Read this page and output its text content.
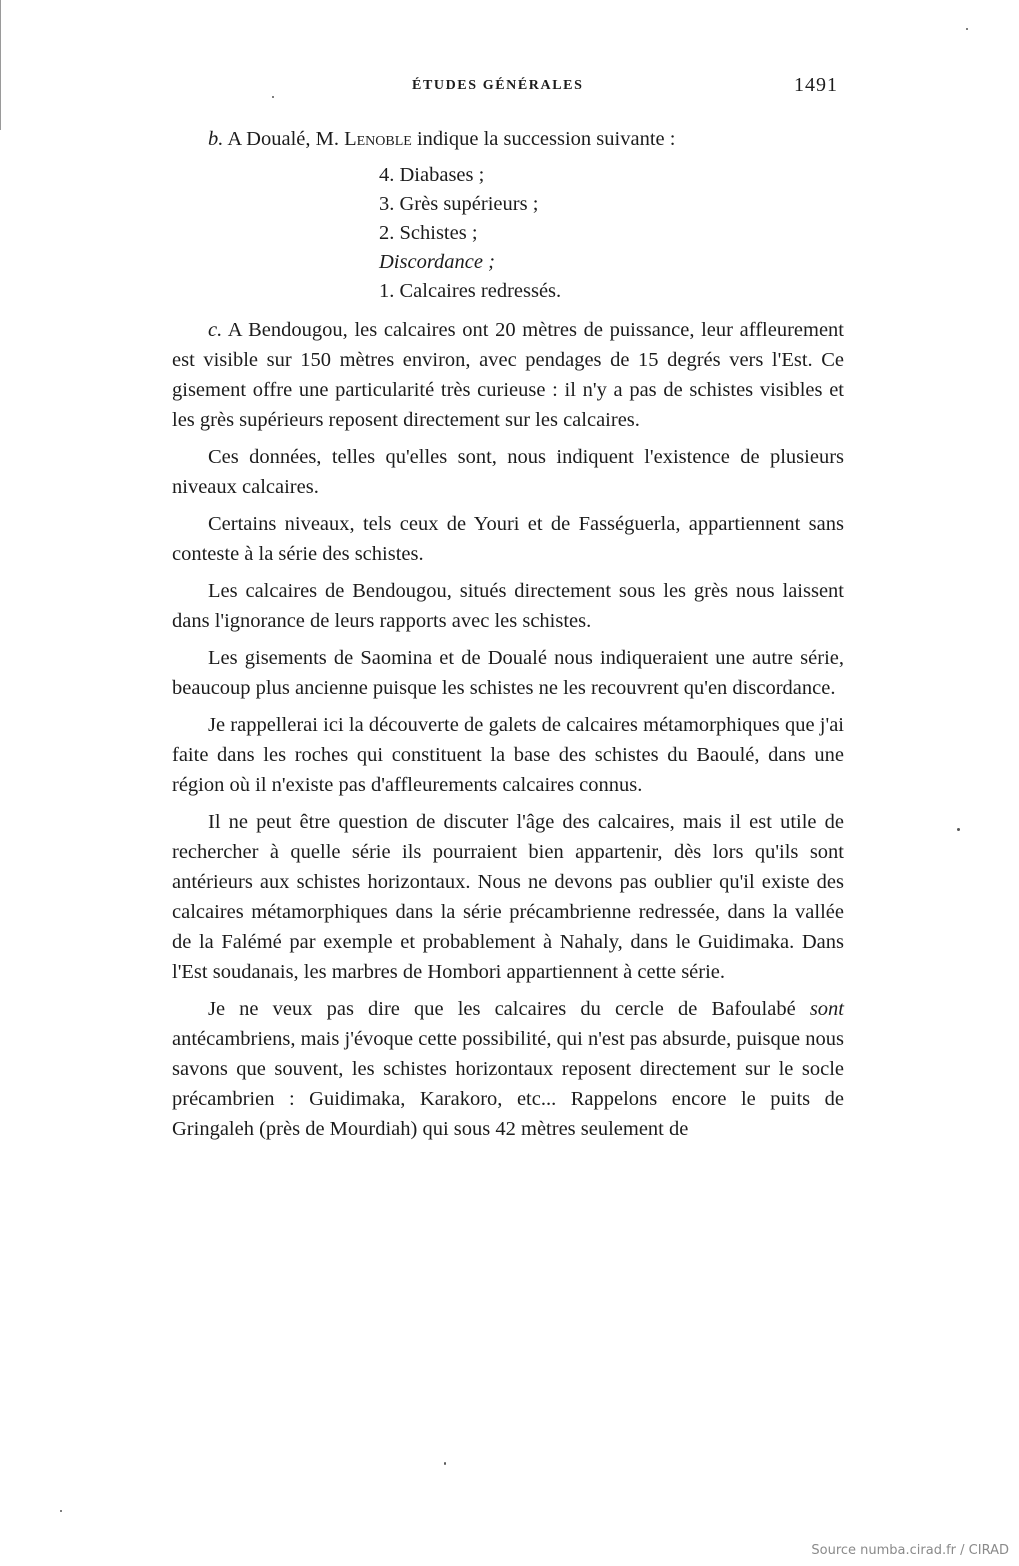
ÉTUDES GÉNÉRALES	1491

b. A Doualé, M. Lenoble indique la succession suivante :

4. Diabases ;
3. Grès supérieurs ;
2. Schistes ;
Discordance ;
1. Calcaires redressés.

c. A Bendougou, les calcaires ont 20 mètres de puissance, leur affleurement est visible sur 150 mètres environ, avec pendages de 15 degrés vers l'Est. Ce gisement offre une particularité très curieuse : il n'y a pas de schistes visibles et les grès supérieurs reposent directement sur les calcaires.

Ces données, telles qu'elles sont, nous indiquent l'existence de plusieurs niveaux calcaires.

Certains niveaux, tels ceux de Youri et de Fasséguerla, appartiennent sans conteste à la série des schistes.

Les calcaires de Bendougou, situés directement sous les grès nous laissent dans l'ignorance de leurs rapports avec les schistes.

Les gisements de Saomina et de Doualé nous indiqueraient une autre série, beaucoup plus ancienne puisque les schistes ne les recouvrent qu'en discordance.

Je rappellerai ici la découverte de galets de calcaires métamorphiques que j'ai faite dans les roches qui constituent la base des schistes du Baoulé, dans une région où il n'existe pas d'affleurements calcaires connus.

Il ne peut être question de discuter l'âge des calcaires, mais il est utile de rechercher à quelle série ils pourraient bien appartenir, dès lors qu'ils sont antérieurs aux schistes horizontaux. Nous ne devons pas oublier qu'il existe des calcaires métamorphiques dans la série précambrienne redressée, dans la vallée de la Falémé par exemple et probablement à Nahaly, dans le Guidimaka. Dans l'Est soudanais, les marbres de Hombori appartiennent à cette série.

Je ne veux pas dire que les calcaires du cercle de Bafoulabé sont antécambriens, mais j'évoque cette possibilité, qui n'est pas absurde, puisque nous savons que souvent, les schistes horizontaux reposent directement sur le socle précambrien : Guidimaka, Karakoro, etc... Rappelons encore le puits de Gringaleh (près de Mourdiah) qui sous 42 mètres seulement de

Source numba.cirad.fr / CIRAD
